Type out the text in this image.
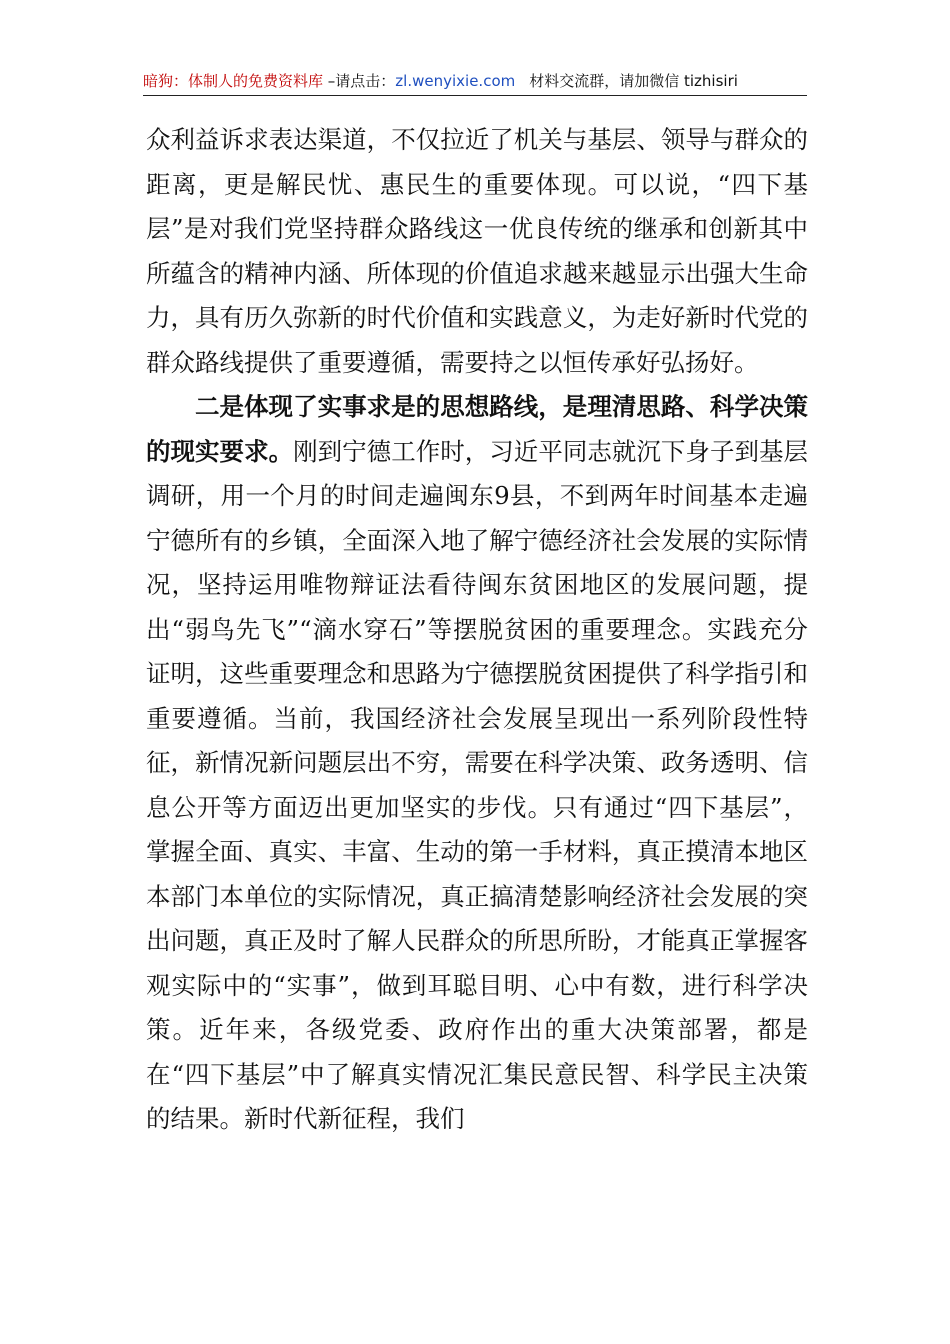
暗狗：体制人的免费资料库 –请点击：zl.wenyixie.com 材料交流群，请加微信 tizhisiri

众利益诉求表达渠道，不仅拉近了机关与基层、领导与群众的距离，更是解民忧、惠民生的重要体现。可以说，“四下基层”是对我们党坚持群众路线这一优良传统的继承和创新其中所蕴含的精神内涵、所体现的价值追求越来越显示出强大生命力，具有历久弥新的时代价值和实践意义，为走好新时代党的群众路线提供了重要遵循，需要持之以恒传承好弘扬好。

二是体现了实事求是的思想路线，是理清思路、科学决策的现实要求。刚到宁德工作时，习近平同志就沉下身子到基层调研，用一个月的时间走遍闽东9县，不到两年时间基本走遍宁德所有的乡镇，全面深入地了解宁德经济社会发展的实际情况，坚持运用唯物辩证法看待闽东贫困地区的发展问题，提出“弱鸟先飞”“滴水穿石”等摆脱贫困的重要理念。实践充分证明，这些重要理念和思路为宁德摆脱贫困提供了科学指引和重要遵循。当前，我国经济社会发展呈现出一系列阶段性特征，新情况新问题层出不穷，需要在科学决策、政务透明、信息公开等方面迈出更加坚实的步伐。只有通过“四下基层”，掌握全面、真实、丰富、生动的第一手材料，真正摸清本地区本部门本单位的实际情况，真正搞清楚影响经济社会发展的突出问题，真正及时了解人民群众的所思所盼，才能真正掌握客观实际中的“实事”，做到耳聪目明、心中有数，进行科学决策。近年来，各级党委、政府作出的重大决策部署，都是在“四下基层”中了解真实情况汇集民意民智、科学民主决策的结果。新时代新征程，我们
